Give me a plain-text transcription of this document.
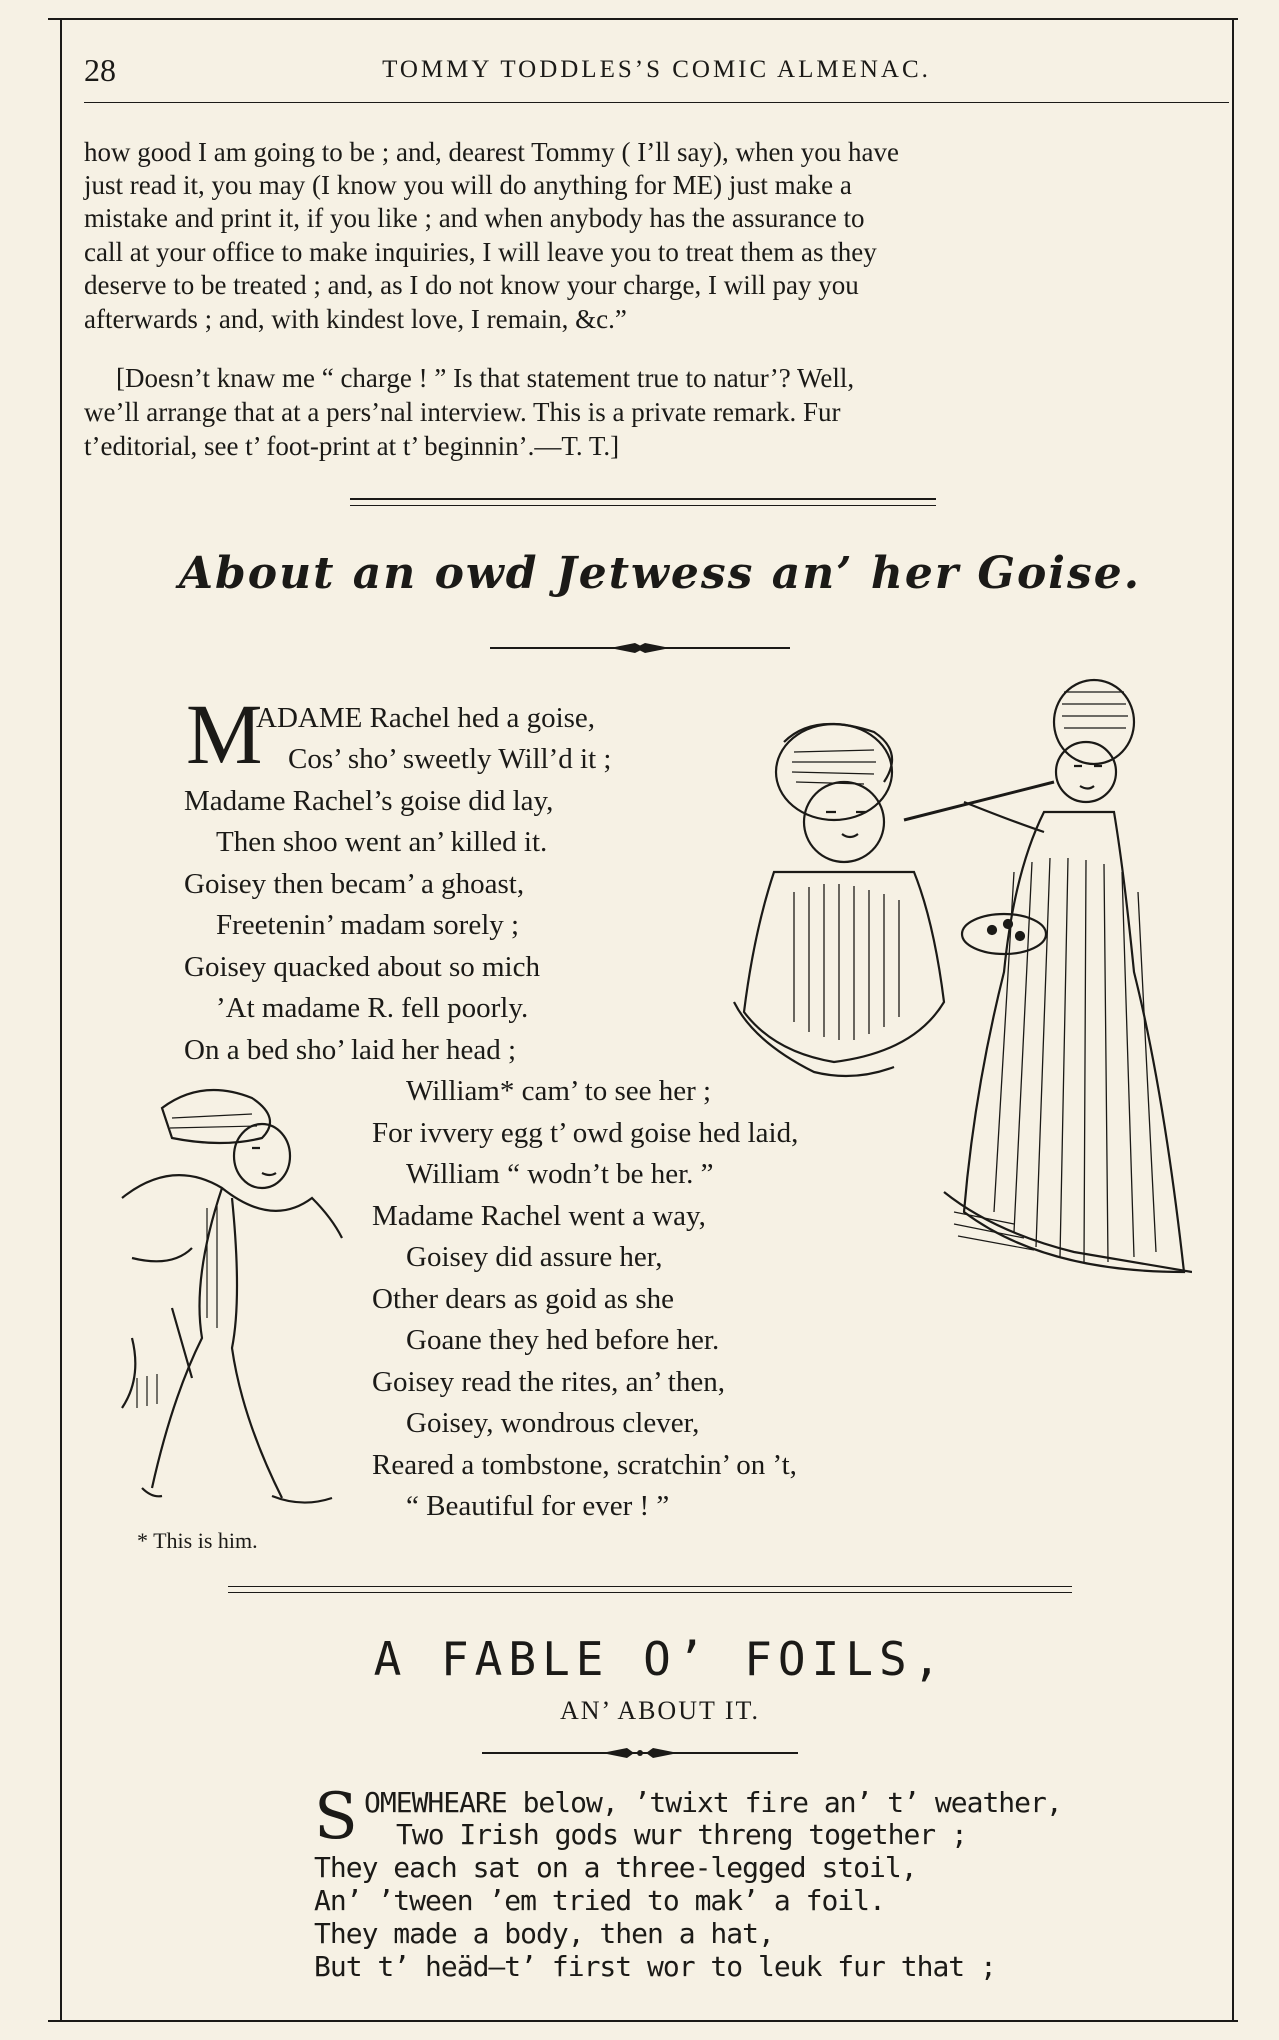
28	TOMMY TODDLES’S COMIC ALMENAC.
how good I am going to be ; and, dearest Tommy ( I’ll say), when you have
just read it, you may (I know you will do anything for ME) just make a
mistake and print it, if you like ; and when anybody has the assurance to
call at your office to make inquiries, I will leave you to treat them as they
deserve to be treated ; and, as I do not know your charge, I will pay you
afterwards ; and, with kindest love, I remain, &c.”
[Doesn’t knaw me “ charge ! ” Is that statement true to natur’? Well,
we’ll arrange that at a pers’nal interview. This is a private remark. Fur
t’editorial, see t’ foot-print at t’ beginnin’.—T. T.]
About an owd Jetwess an’ her Goise.
M
ADAME Rachel hed a goise,
Cos’ sho’ sweetly Will’d it ;
Madame Rachel’s goise did lay,
Then shoo went an’ killed it.
Goisey then becam’ a ghoast,
Freetenin’ madam sorely ;
Goisey quacked about so mich
’At madame R. fell poorly.
On a bed sho’ laid her head ;
William* cam’ to see her ;
For ivvery egg t’ owd goise hed laid,
William “ wodn’t be her. ”
Madame Rachel went a way,
Goisey did assure her,
Other dears as goid as she
Goane they hed before her.
Goisey read the rites, an’ then,
Goisey, wondrous clever,
Reared a tombstone, scratchin’ on ’t,
“ Beautiful for ever ! ”
* This is him.
A FABLE O’ FOILS,
AN’ ABOUT IT.
S OMEWHEARE below, ’twixt fire an’ t’ weather,
Two Irish gods wur threng together ;
They each sat on a three-legged stoil,
An’ ’tween ’em tried to mak’ a foil.
They made a body, then a hat,
But t’ heäd—t’ first wor to leuk fur that ;
